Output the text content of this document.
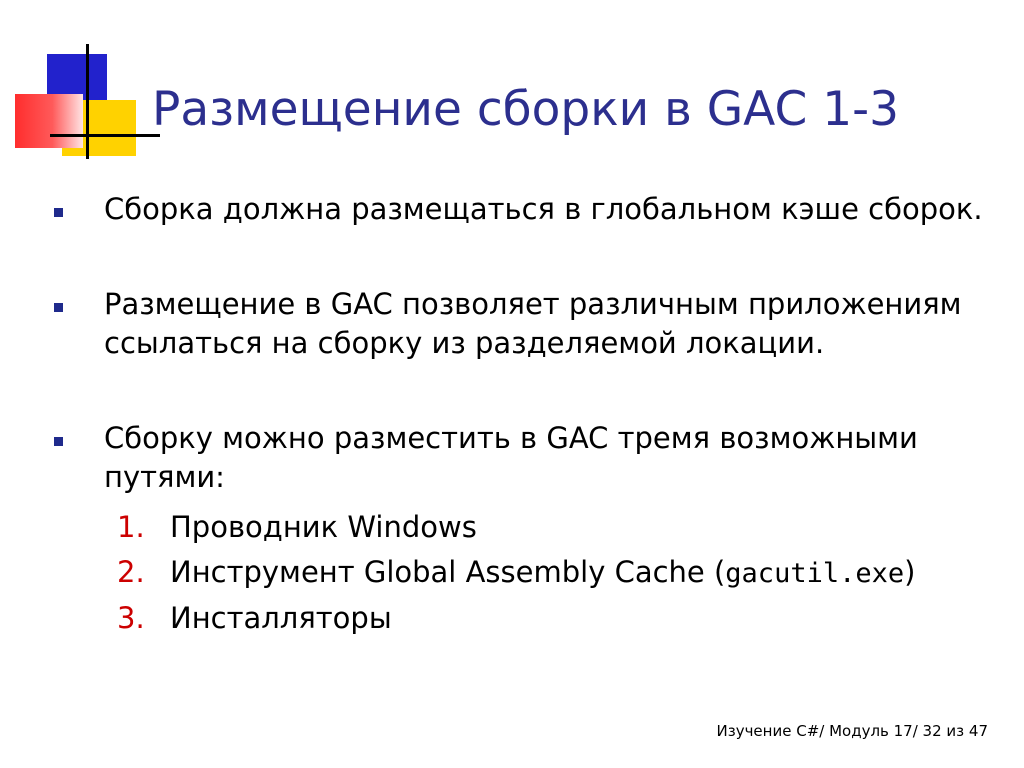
Размещение сборки в GAC 1-3
Сборка должна размещаться в глобальном кэше сборок.
Размещение в GAC позволяет различным приложениям ссылаться на сборку из разделяемой локации.
Сборку можно разместить в GAC тремя возможными путями:
1. Проводник Windows
2. Инструмент Global Assembly Cache (gacutil.exe)
3. Инсталляторы
Изучение C#/ Модуль 17/ 32 из 47
